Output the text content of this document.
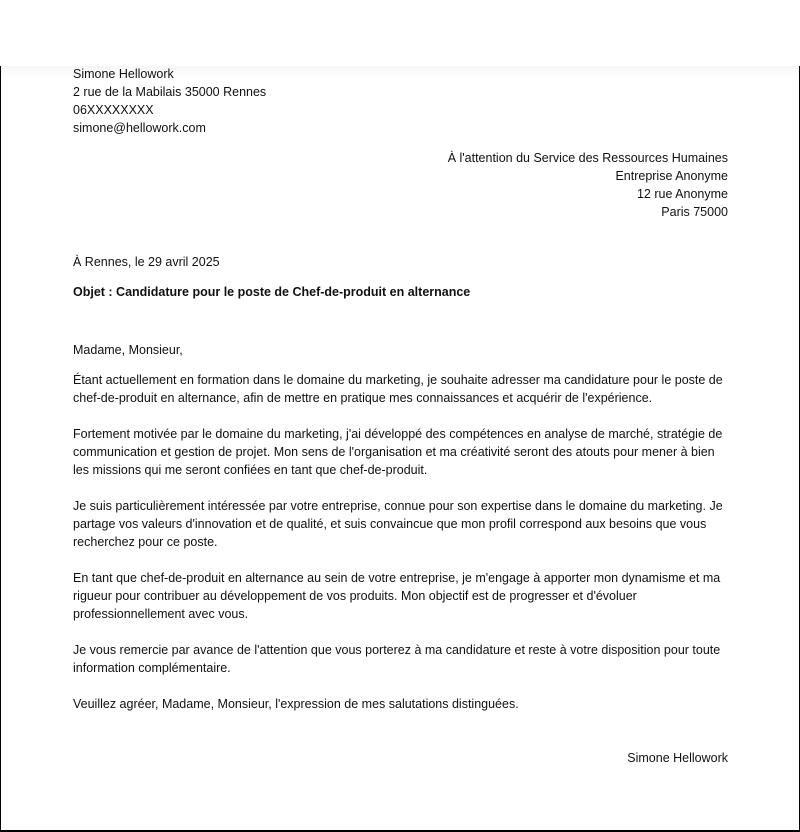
Simone Hellowork
2 rue de la Mabilais 35000 Rennes
06XXXXXXXX
simone@hellowork.com
À l'attention du Service des Ressources Humaines
Entreprise Anonyme
12 rue Anonyme
Paris 75000
À Rennes, le 29 avril 2025
Objet : Candidature pour le poste de Chef-de-produit en alternance
Madame, Monsieur,

Étant actuellement en formation dans le domaine du marketing, je souhaite adresser ma candidature pour le poste de chef-de-produit en alternance, afin de mettre en pratique mes connaissances et acquérir de l'expérience.

Fortement motivée par le domaine du marketing, j'ai développé des compétences en analyse de marché, stratégie de communication et gestion de projet. Mon sens de l'organisation et ma créativité seront des atouts pour mener à bien les missions qui me seront confiées en tant que chef-de-produit.

Je suis particulièrement intéressée par votre entreprise, connue pour son expertise dans le domaine du marketing. Je partage vos valeurs d'innovation et de qualité, et suis convaincue que mon profil correspond aux besoins que vous recherchez pour ce poste.

En tant que chef-de-produit en alternance au sein de votre entreprise, je m'engage à apporter mon dynamisme et ma rigueur pour contribuer au développement de vos produits. Mon objectif est de progresser et d'évoluer professionnellement avec vous.

Je vous remercie par avance de l'attention que vous porterez à ma candidature et reste à votre disposition pour toute information complémentaire.

Veuillez agréer, Madame, Monsieur, l'expression de mes salutations distinguées.
Simone Hellowork
